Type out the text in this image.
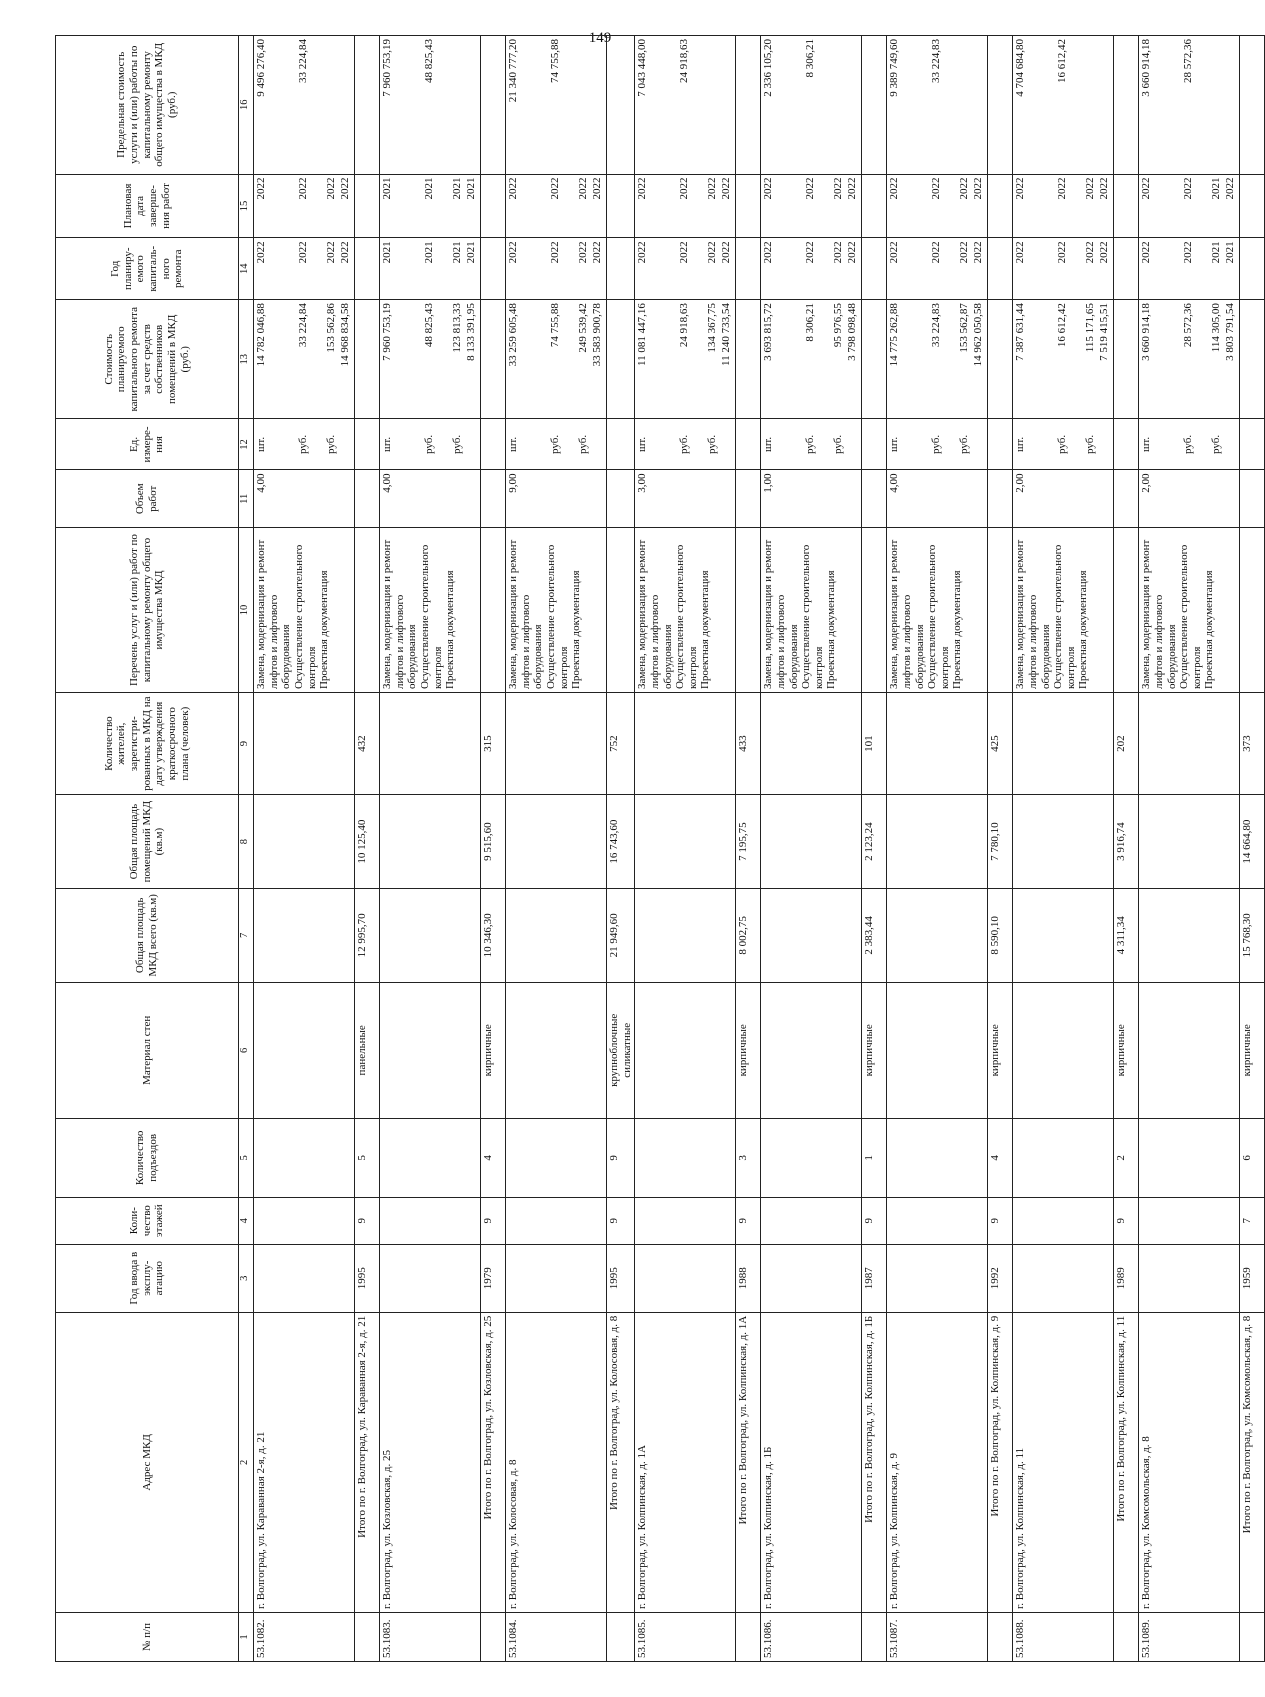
149
№ п/п	Адрес МКД	Год ввода в эксплу-атацию	Коли-чество этажей	Количество подъездов	Материал стен	Общая площадь МКД всего (кв.м)	Общая площадь помещений МКД (кв.м)	Количество жителей, зарегистри-рованных в МКД на дату утверждения краткосрочного плана (человек)	Перечень услуг и (или) работ по капитальному ремонту общего имущества МКД	Объем работ	Ед. измере-ния	Стоимость планируемого капитального ремонта за счет средств собственников помещений в МКД (руб.)	Год планиру-емого капиталь-ного ремонта	Плановая дата заверше-ния работ	Предельная стоимость услуги и (или) работы по капитальному ремонту общего имущества в МКД (руб.)
1	2	3	4	5	6	7	8	9	10	11	12	13	14	15	16
53.1082.	г. Волгоград, ул. Караванная 2-я, д. 21								Замена, модернизация и ремонт лифтов и лифтового оборудования Осуществление строительного контроля Проектная документация	4,00	шт. руб. руб.	14 782 046,88 33 224,84 153 562,86 14 968 834,58	2022 2022 2022 2022	2022 2022 2022 2022	9 496 276,40 33 224,84

	Итого по г. Волгоград, ул. Караванная 2-я, д. 21	1995	9	5	панельные	12 995,70	10 125,40	432							
53.1083.	г. Волгоград, ул. Козловская, д. 25								Замена, модернизация и ремонт лифтов и лифтового оборудования Осуществление строительного контроля Проектная документация	4,00	шт. руб. руб.	7 960 753,19 48 825,43 123 813,33 8 133 391,95	2021 2021 2021 2021	2021 2021 2021 2021	7 960 753,19 48 825,43

	Итого по г. Волгоград, ул. Козловская, д. 25	1979	9	4	кирпичные	10 346,30	9 515,60	315							
53.1084.	г. Волгоград, ул. Колосовая, д. 8								Замена, модернизация и ремонт лифтов и лифтового оборудования Осуществление строительного контроля Проектная документация	9,00	шт. руб. руб.	33 259 605,48 74 755,88 249 539,42 33 583 900,78	2022 2022 2022 2022	2022 2022 2022 2022	21 340 777,20 74 755,88

	Итого по г. Волгоград, ул. Колосовая, д. 8	1995	9	9	крупноблочные силикатные	21 949,60	16 743,60	752							
53.1085.	г. Волгоград, ул. Колпинская, д. 1А								Замена, модернизация и ремонт лифтов и лифтового оборудования Осуществление строительного контроля Проектная документация	3,00	шт. руб. руб.	11 081 447,16 24 918,63 134 367,75 11 240 733,54	2022 2022 2022 2022	2022 2022 2022 2022	7 043 448,00 24 918,63

	Итого по г. Волгоград, ул. Колпинская, д. 1А	1988	9	3	кирпичные	8 002,75	7 195,75	433							
53.1086.	г. Волгоград, ул. Колпинская, д. 1Б								Замена, модернизация и ремонт лифтов и лифтового оборудования Осуществление строительного контроля Проектная документация	1,00	шт. руб. руб.	3 693 815,72 8 306,21 95 976,55 3 798 098,48	2022 2022 2022 2022	2022 2022 2022 2022	2 336 105,20 8 306,21

	Итого по г. Волгоград, ул. Колпинская, д. 1Б	1987	9	1	кирпичные	2 383,44	2 123,24	101							
53.1087.	г. Волгоград, ул. Колпинская, д. 9								Замена, модернизация и ремонт лифтов и лифтового оборудования Осуществление строительного контроля Проектная документация	4,00	шт. руб. руб.	14 775 262,88 33 224,83 153 562,87 14 962 050,58	2022 2022 2022 2022	2022 2022 2022 2022	9 389 749,60 33 224,83

	Итого по г. Волгоград, ул. Колпинская, д. 9	1992	9	4	кирпичные	8 590,10	7 780,10	425							
53.1088.	г. Волгоград, ул. Колпинская, д. 11								Замена, модернизация и ремонт лифтов и лифтового оборудования Осуществление строительного контроля Проектная документация	2,00	шт. руб. руб.	7 387 631,44 16 612,42 115 171,65 7 519 415,51	2022 2022 2022 2022	2022 2022 2022 2022	4 704 684,80 16 612,42

	Итого по г. Волгоград, ул. Колпинская, д. 11	1989	9	2	кирпичные	4 311,34	3 916,74	202							
53.1089.	г. Волгоград, ул. Комсомольская, д. 8								Замена, модернизация и ремонт лифтов и лифтового оборудования Осуществление строительного контроля Проектная документация	2,00	шт. руб. руб.	3 660 914,18 28 572,36 114 305,00 3 803 791,54	2022 2022 2021 2021	2022 2022 2021 2022	3 660 914,18 28 572,36

	Итого по г. Волгоград, ул. Комсомольская, д. 8	1959	7	6	кирпичные	15 768,30	14 664,80	373							
